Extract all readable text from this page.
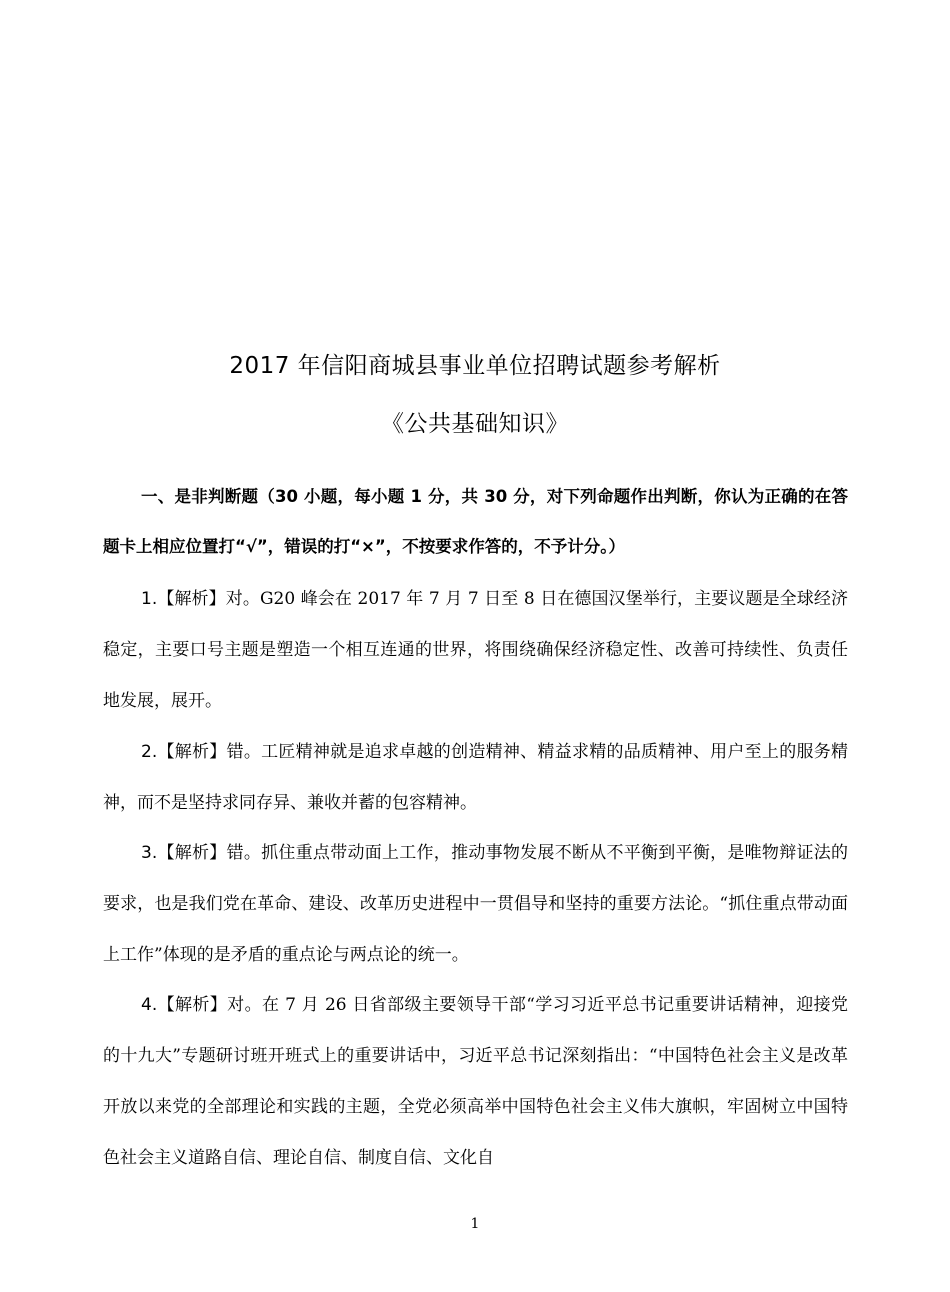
2017 年信阳商城县事业单位招聘试题参考解析
《公共基础知识》
一、是非判断题（30 小题，每小题 1 分，共 30 分，对下列命题作出判断，你认为正确的在答题卡上相应位置打“√”，错误的打“×”，不按要求作答的，不予计分。）
1.【解析】对。G20 峰会在 2017 年 7 月 7 日至 8 日在德国汉堡举行，主要议题是全球经济稳定，主要口号主题是塑造一个相互连通的世界，将围绕确保经济稳定性、改善可持续性、负责任地发展，展开。
2.【解析】错。工匠精神就是追求卓越的创造精神、精益求精的品质精神、用户至上的服务精神，而不是坚持求同存异、兼收并蓄的包容精神。
3.【解析】错。抓住重点带动面上工作，推动事物发展不断从不平衡到平衡，是唯物辩证法的要求，也是我们党在革命、建设、改革历史进程中一贯倡导和坚持的重要方法论。“抓住重点带动面上工作”体现的是矛盾的重点论与两点论的统一。
4.【解析】对。在 7 月 26 日省部级主要领导干部“学习习近平总书记重要讲话精神，迎接党的十九大”专题研讨班开班式上的重要讲话中，习近平总书记深刻指出：“中国特色社会主义是改革开放以来党的全部理论和实践的主题，全党必须高举中国特色社会主义伟大旗帜，牢固树立中国特色社会主义道路自信、理论自信、制度自信、文化自
1
